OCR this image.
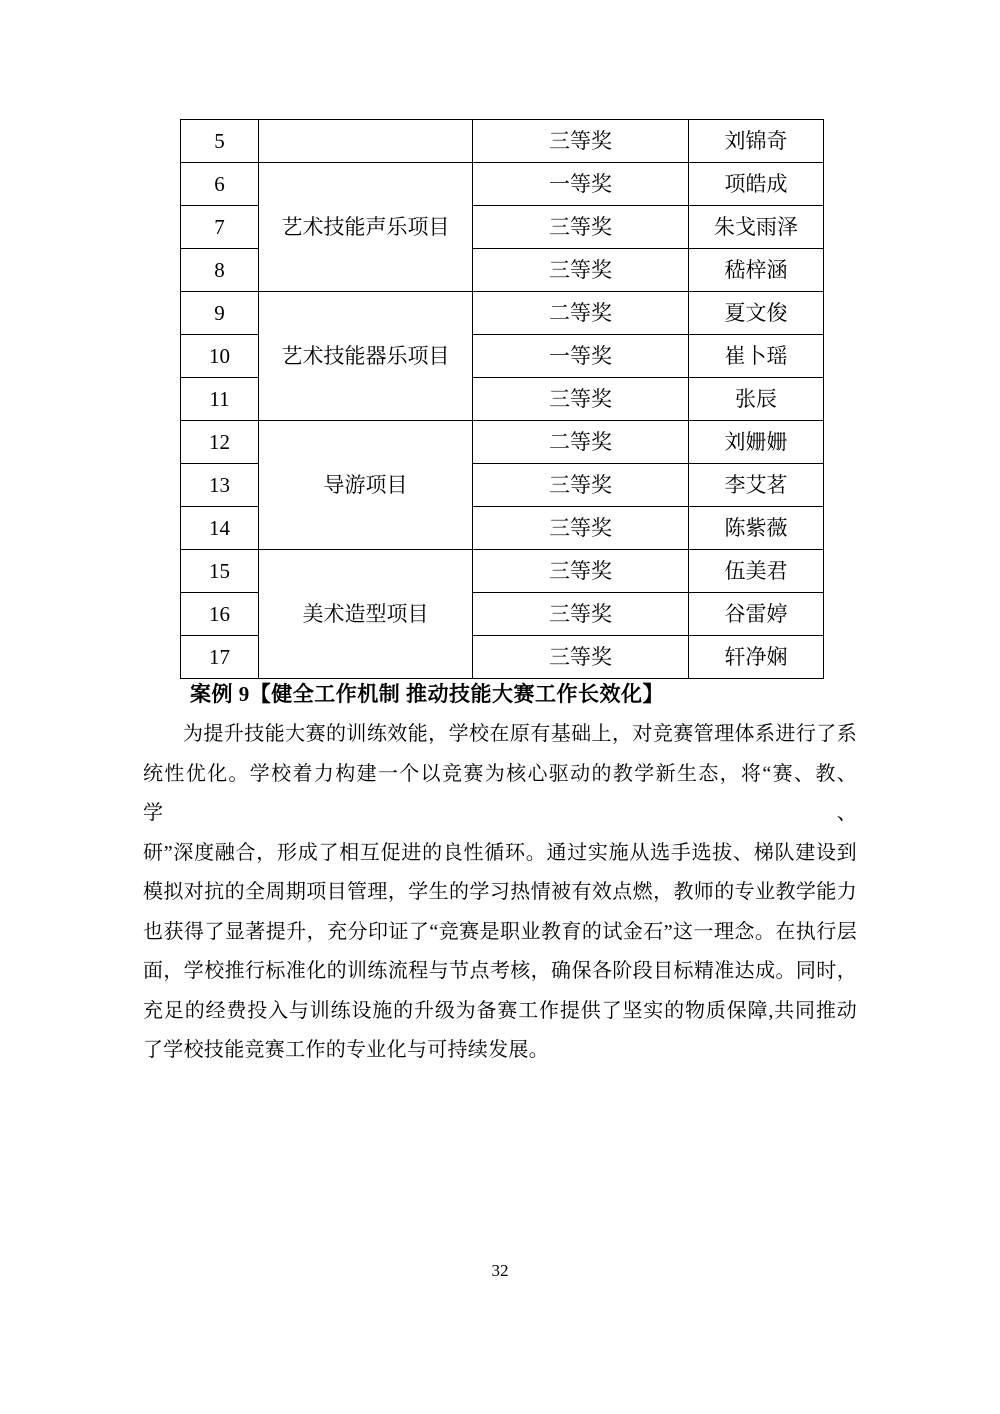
5		三等奖	刘锦奇
6	艺术技能声乐项目	一等奖	项皓成
7		三等奖	朱戈雨泽
8		三等奖	嵇梓涵
9	艺术技能器乐项目	二等奖	夏文俊
10		一等奖	崔卜瑶
11		三等奖	张辰
12	导游项目	二等奖	刘姗姗
13		三等奖	李艾茗
14		三等奖	陈紫薇
15	美术造型项目	三等奖	伍美君
16		三等奖	谷雷婷
17		三等奖	轩净娴
案例 9【健全工作机制 推动技能大赛工作长效化】
为提升技能大赛的训练效能，学校在原有基础上，对竞赛管理体系进行了系
统性优化。学校着力构建一个以竞赛为核心驱动的教学新生态，将“赛、教、学、
研”深度融合，形成了相互促进的良性循环。通过实施从选手选拔、梯队建设到
模拟对抗的全周期项目管理，学生的学习热情被有效点燃，教师的专业教学能力
也获得了显著提升，充分印证了“竞赛是职业教育的试金石”这一理念。在执行层
面，学校推行标准化的训练流程与节点考核，确保各阶段目标精准达成。同时，
充足的经费投入与训练设施的升级为备赛工作提供了坚实的物质保障,共同推动
了学校技能竞赛工作的专业化与可持续发展。
32
